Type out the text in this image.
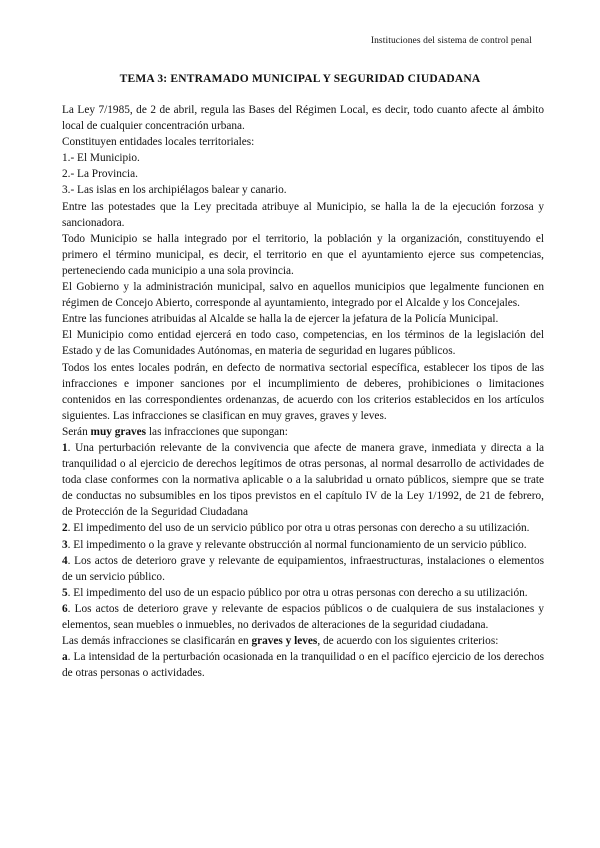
Instituciones del sistema de control penal
TEMA 3: ENTRAMADO MUNICIPAL Y SEGURIDAD CIUDADANA

La Ley 7/1985, de 2 de abril, regula las Bases del Régimen Local, es decir, todo cuanto afecte al ámbito local de cualquier concentración urbana.

Constituyen entidades locales territoriales:

1.- El Municipio.

2.- La Provincia.

3.- Las islas en los archipiélagos balear y canario.

Entre las potestades que la Ley precitada atribuye al Municipio, se halla la de la ejecución forzosa y sancionadora.

Todo Municipio se halla integrado por el territorio, la población y la organización, constituyendo el primero el término municipal, es decir, el territorio en que el ayuntamiento ejerce sus competencias, perteneciendo cada municipio a una sola provincia.

El Gobierno y la administración municipal, salvo en aquellos municipios que legalmente funcionen en régimen de Concejo Abierto, corresponde al ayuntamiento, integrado por el Alcalde y los Concejales.

Entre las funciones atribuidas al Alcalde se halla la de ejercer la jefatura de la Policía Municipal.

El Municipio como entidad ejercerá en todo caso, competencias, en los términos de la legislación del Estado y de las Comunidades Autónomas, en materia de seguridad en lugares públicos.

Todos los entes locales podrán, en defecto de normativa sectorial específica, establecer los tipos de las infracciones e imponer sanciones por el incumplimiento de deberes, prohibiciones o limitaciones contenidos en las correspondientes ordenanzas, de acuerdo con los criterios establecidos en los artículos siguientes. Las infracciones se clasifican en muy graves, graves y leves.

Serán muy graves las infracciones que supongan:

1. Una perturbación relevante de la convivencia que afecte de manera grave, inmediata y directa a la tranquilidad o al ejercicio de derechos legítimos de otras personas, al normal desarrollo de actividades de toda clase conformes con la normativa aplicable o a la salubridad u ornato públicos, siempre que se trate de conductas no subsumibles en los tipos previstos en el capítulo IV de la Ley 1/1992, de 21 de febrero, de Protección de la Seguridad Ciudadana

2. El impedimento del uso de un servicio público por otra u otras personas con derecho a su utilización.

3. El impedimento o la grave y relevante obstrucción al normal funcionamiento de un servicio público.

4. Los actos de deterioro grave y relevante de equipamientos, infraestructuras, instalaciones o elementos de un servicio público.

5. El impedimento del uso de un espacio público por otra u otras personas con derecho a su utilización.

6. Los actos de deterioro grave y relevante de espacios públicos o de cualquiera de sus instalaciones y elementos, sean muebles o inmuebles, no derivados de alteraciones de la seguridad ciudadana.

Las demás infracciones se clasificarán en graves y leves, de acuerdo con los siguientes criterios:

a. La intensidad de la perturbación ocasionada en la tranquilidad o en el pacífico ejercicio de los derechos de otras personas o actividades.
